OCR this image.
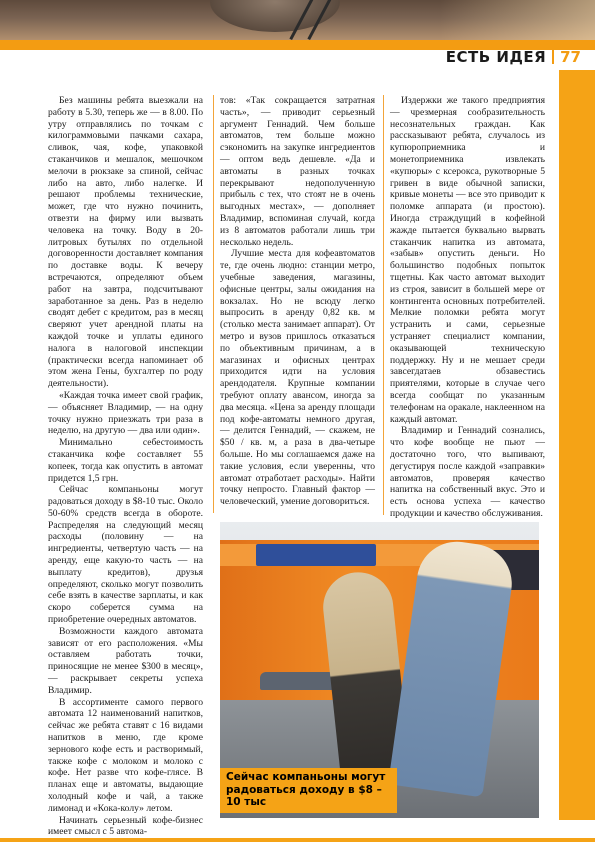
ЕСТЬ ИДЕЯ 77

Без машины ребята выезжали на работу в 5.30, теперь же — в 8.00. По утру отправлялись по точкам с килограммовыми пачками сахара, сливок, чая, кофе, упаковкой стаканчиков и мешалок, мешочком мелочи в рюкзаке за спиной, сейчас либо на авто, либо налегке. И решают проблемы технические, может, где что нужно починить, отвезти на фирму или вызвать человека на точку. Воду в 20-литровых бутылях по отдельной договоренности доставляет компания по доставке воды. К вечеру встречаются, определяют объем работ на завтра, подсчитывают заработанное за день. Раз в неделю сводят дебет с кредитом, раз в месяц сверяют учет арендной платы на каждой точке и уплаты единого налога в налоговой инспекции (практически всегда напоминает об этом жена Гены, бухгалтер по роду деятельности).

«Каждая точка имеет свой график, — объясняет Владимир, — на одну точку нужно приезжать три раза в неделю, на другую — два или один».

Минимально себестоимость стаканчика кофе составляет 55 копеек, тогда как опустить в автомат придется 1,5 грн.

Сейчас компаньоны могут радоваться доходу в $8-10 тыс. Около 50-60% средств всегда в обороте. Распределяя на следующий месяц расходы (половину — на ингредиенты, четвертую часть — на аренду, еще какую-то часть — на выплату кредитов), друзья определяют, сколько могут позволить себе взять в качестве зарплаты, и как скоро соберется сумма на приобретение очередных автоматов.

Возможности каждого автомата зависят от его расположения. «Мы оставляем работать точки, приносящие не менее $300 в месяц», — раскрывает секреты успеха Владимир.

В ассортименте самого первого автомата 12 наименований напитков, сейчас же ребята ставят с 16 видами напитков в меню, где кроме зернового кофе есть и растворимый, также кофе с молоком и молоко с кофе. Нет разве что кофе-глясе. В планах еще и автоматы, выдающие холодный кофе и чай, а также лимонад и «Кока-колу» летом.

Начинать серьезный кофе-бизнес имеет смысл с 5 автома-

тов: «Так сокращается затратная часть», — приводит серьезный аргумент Геннадий. Чем больше автоматов, тем больше можно сэкономить на закупке ингредиентов — оптом ведь дешевле. «Да и автоматы в разных точках перекрывают недополученную прибыль с тех, что стоят не в очень выгодных местах», — дополняет Владимир, вспоминая случай, когда из 8 автоматов работали лишь три несколько недель.

Лучшие места для кофеавтоматов те, где очень людно: станции метро, учебные заведения, магазины, офисные центры, залы ожидания на вокзалах. Но не всюду легко выпросить в аренду 0,82 кв. м (столько места занимает аппарат). От метро и вузов пришлось отказаться по объективным причинам, а в магазинах и офисных центрах приходится идти на условия арендодателя. Крупные компании требуют оплату авансом, иногда за два месяца. «Цена за аренду площади под кофе-автоматы немного другая, — делится Геннадий, — скажем, не $50 / кв. м, а раза в два-четыре больше. Но мы соглашаемся даже на такие условия, если уверенны, что автомат отработает расходы». Найти точку непросто. Главный фактор — человеческий, умение договориться.

Издержки же такого предприятия — чрезмерная сообразительность несознательных граждан. Как рассказывают ребята, случалось из купюроприемника и монетоприемника извлекать «купюры» с ксерокса, рукотворные 5 гривен в виде обычной записки, кривые монеты — все это приводит к поломке аппарата (и простою). Иногда страждущий в кофейной жажде пытается буквально вырвать стаканчик напитка из автомата, «забыв» опустить деньги. Но большинство подобных попыток тщетны. Как часто автомат выходит из строя, зависит в большей мере от контингента основных потребителей. Мелкие поломки ребята могут устранить и сами, серьезные устраняет специалист компании, оказывающей техническую поддержку. Ну и не мешает среди завсегдатаев обзавестись приятелями, которые в случае чего всегда сообщат по указанным телефонам на оракале, наклеенном на каждый автомат.

Владимир и Геннадий сознались, что кофе вообще не пьют — достаточно того, что выпивают, дегустируя после каждой «заправки» автоматов, проверяя качество напитка на собственный вкус. Это и есть основа успеха — качество продукции и качество обслуживания.

Сейчас компаньоны могут радоваться доходу в $8 – 10 тыс
